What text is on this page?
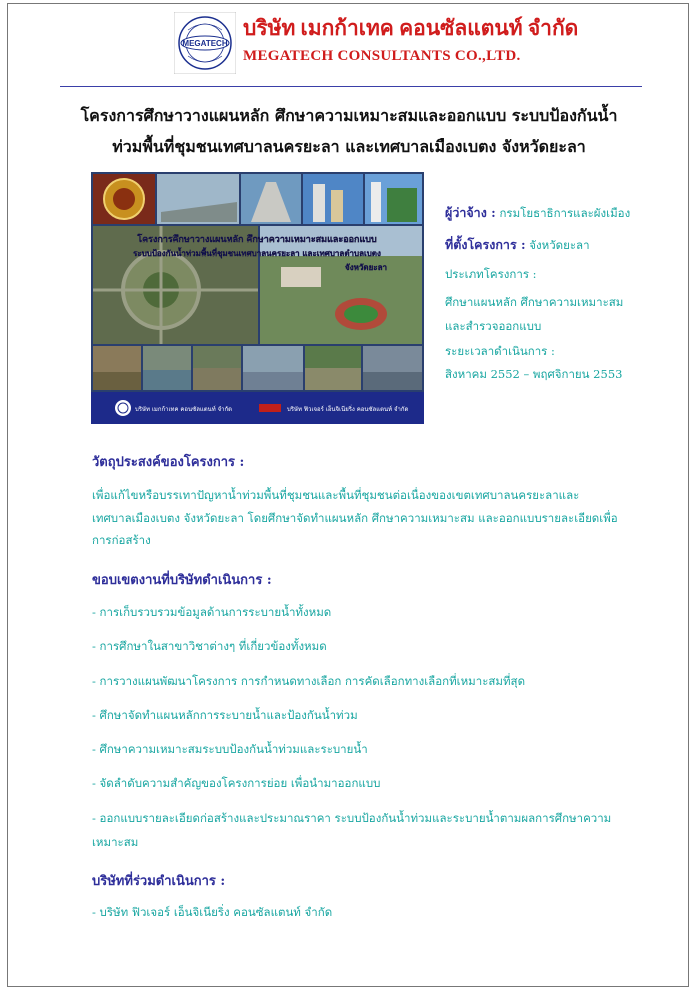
MEGATECH
บริษัท เมกก้าเทค คอนซัลแตนท์ จำกัด
MEGATECH CONSULTANTS CO.,LTD.
โครงการศึกษาวางแผนหลัก ศึกษาความเหมาะสมและออกแบบ ระบบป้องกันน้ำ
ท่วมพื้นที่ชุมชนเทศบาลนครยะลา และเทศบาลเมืองเบตง จังหวัดยะลา
โครงการศึกษาวางแผนหลัก ศึกษาความเหมาะสมและออกแบบ
ระบบป้องกันน้ำท่วมพื้นที่ชุมชนเทศบาลนครยะลา และเทศบาลตำบลเบตง
จังหวัดยะลา
บริษัท เมกก้าเทค คอนซัลแตนท์ จำกัด	บริษัท ฟิวเจอร์ เอ็นจิเนียริ่ง คอนซัลแตนท์ จำกัด
ผู้ว่าจ้าง : กรมโยธาธิการและผังเมือง
ที่ตั้งโครงการ : จังหวัดยะลา
ประเภทโครงการ :
ศึกษาแผนหลัก ศึกษาความเหมาะสม
และสำรวจออกแบบ
ระยะเวลาดำเนินการ :
สิงหาคม 2552 – พฤศจิกายน 2553
วัตถุประสงค์ของโครงการ :
เพื่อแก้ไขหรือบรรเทาปัญหาน้ำท่วมพื้นที่ชุมชนและพื้นที่ชุมชนต่อเนื่องของเขตเทศบาลนครยะลาและ
เทศบาลเมืองเบตง จังหวัดยะลา โดยศึกษาจัดทำแผนหลัก ศึกษาความเหมาะสม และออกแบบรายละเอียดเพื่อ
การก่อสร้าง
ขอบเขตงานที่บริษัทดำเนินการ :
- การเก็บรวบรวมข้อมูลด้านการระบายน้ำทั้งหมด
- การศึกษาในสาขาวิชาต่างๆ ที่เกี่ยวข้องทั้งหมด
- การวางแผนพัฒนาโครงการ การกำหนดทางเลือก การคัดเลือกทางเลือกที่เหมาะสมที่สุด
- ศึกษาจัดทำแผนหลักการระบายน้ำและป้องกันน้ำท่วม
- ศึกษาความเหมาะสมระบบป้องกันน้ำท่วมและระบายน้ำ
- จัดลำดับความสำคัญของโครงการย่อย เพื่อนำมาออกแบบ
- ออกแบบรายละเอียดก่อสร้างและประมาณราคา ระบบป้องกันน้ำท่วมและระบายน้ำตามผลการศึกษาความ
เหมาะสม
บริษัทที่ร่วมดำเนินการ :
- บริษัท ฟิวเจอร์ เอ็นจิเนียริ่ง คอนซัลแตนท์ จำกัด
